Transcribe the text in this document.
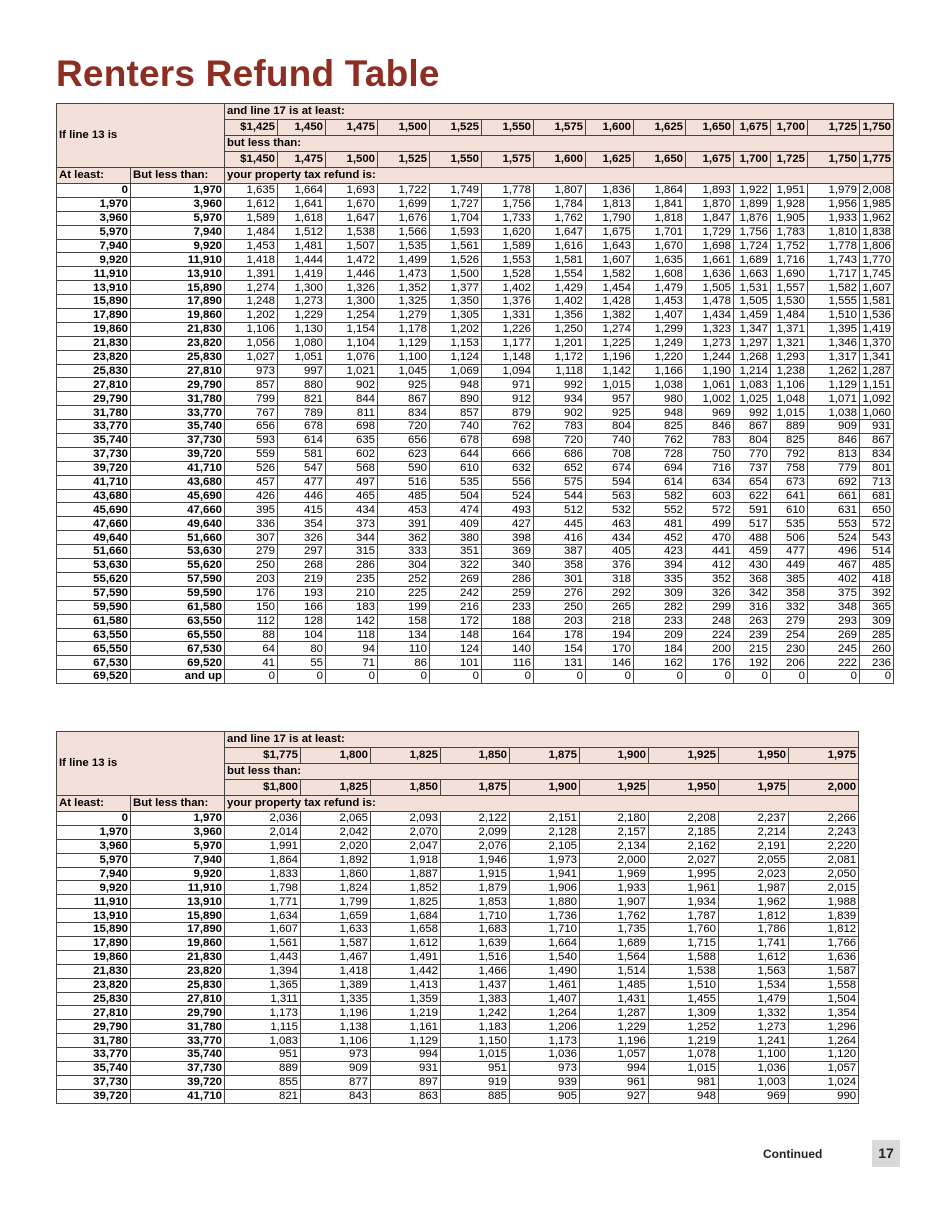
Renters Refund Table
If line 13 is		and line 17 is at least:													
		$1,425	1,450	1,475	1,500	1,525	1,550	1,575	1,600	1,625	1,650	1,675	1,700	1,725	1,750
		but less than:													
		$1,450	1,475	1,500	1,525	1,550	1,575	1,600	1,625	1,650	1,675	1,700	1,725	1,750	1,775
At least:	But less than:	your property tax refund is:													
0	1,970	1,635	1,664	1,693	1,722	1,749	1,778	1,807	1,836	1,864	1,893	1,922	1,951	1,979	2,008
1,970	3,960	1,612	1,641	1,670	1,699	1,727	1,756	1,784	1,813	1,841	1,870	1,899	1,928	1,956	1,985
3,960	5,970	1,589	1,618	1,647	1,676	1,704	1,733	1,762	1,790	1,818	1,847	1,876	1,905	1,933	1,962
5,970	7,940	1,484	1,512	1,538	1,566	1,593	1,620	1,647	1,675	1,701	1,729	1,756	1,783	1,810	1,838
7,940	9,920	1,453	1,481	1,507	1,535	1,561	1,589	1,616	1,643	1,670	1,698	1,724	1,752	1,778	1,806
9,920	11,910	1,418	1,444	1,472	1,499	1,526	1,553	1,581	1,607	1,635	1,661	1,689	1,716	1,743	1,770
11,910	13,910	1,391	1,419	1,446	1,473	1,500	1,528	1,554	1,582	1,608	1,636	1,663	1,690	1,717	1,745
13,910	15,890	1,274	1,300	1,326	1,352	1,377	1,402	1,429	1,454	1,479	1,505	1,531	1,557	1,582	1,607
15,890	17,890	1,248	1,273	1,300	1,325	1,350	1,376	1,402	1,428	1,453	1,478	1,505	1,530	1,555	1,581
17,890	19,860	1,202	1,229	1,254	1,279	1,305	1,331	1,356	1,382	1,407	1,434	1,459	1,484	1,510	1,536
19,860	21,830	1,106	1,130	1,154	1,178	1,202	1,226	1,250	1,274	1,299	1,323	1,347	1,371	1,395	1,419
21,830	23,820	1,056	1,080	1,104	1,129	1,153	1,177	1,201	1,225	1,249	1,273	1,297	1,321	1,346	1,370
23,820	25,830	1,027	1,051	1,076	1,100	1,124	1,148	1,172	1,196	1,220	1,244	1,268	1,293	1,317	1,341
25,830	27,810	973	997	1,021	1,045	1,069	1,094	1,118	1,142	1,166	1,190	1,214	1,238	1,262	1,287
27,810	29,790	857	880	902	925	948	971	992	1,015	1,038	1,061	1,083	1,106	1,129	1,151
29,790	31,780	799	821	844	867	890	912	934	957	980	1,002	1,025	1,048	1,071	1,092
31,780	33,770	767	789	811	834	857	879	902	925	948	969	992	1,015	1,038	1,060
33,770	35,740	656	678	698	720	740	762	783	804	825	846	867	889	909	931
35,740	37,730	593	614	635	656	678	698	720	740	762	783	804	825	846	867
37,730	39,720	559	581	602	623	644	666	686	708	728	750	770	792	813	834
39,720	41,710	526	547	568	590	610	632	652	674	694	716	737	758	779	801
41,710	43,680	457	477	497	516	535	556	575	594	614	634	654	673	692	713
43,680	45,690	426	446	465	485	504	524	544	563	582	603	622	641	661	681
45,690	47,660	395	415	434	453	474	493	512	532	552	572	591	610	631	650
47,660	49,640	336	354	373	391	409	427	445	463	481	499	517	535	553	572
49,640	51,660	307	326	344	362	380	398	416	434	452	470	488	506	524	543
51,660	53,630	279	297	315	333	351	369	387	405	423	441	459	477	496	514
53,630	55,620	250	268	286	304	322	340	358	376	394	412	430	449	467	485
55,620	57,590	203	219	235	252	269	286	301	318	335	352	368	385	402	418
57,590	59,590	176	193	210	225	242	259	276	292	309	326	342	358	375	392
59,590	61,580	150	166	183	199	216	233	250	265	282	299	316	332	348	365
61,580	63,550	112	128	142	158	172	188	203	218	233	248	263	279	293	309
63,550	65,550	88	104	118	134	148	164	178	194	209	224	239	254	269	285
65,550	67,530	64	80	94	110	124	140	154	170	184	200	215	230	245	260
67,530	69,520	41	55	71	86	101	116	131	146	162	176	192	206	222	236
69,520	and up	0	0	0	0	0	0	0	0	0	0	0	0	0	0
If line 13 is		and line 17 is at least:								
		$1,775	1,800	1,825	1,850	1,875	1,900	1,925	1,950	1,975
		but less than:								
		$1,800	1,825	1,850	1,875	1,900	1,925	1,950	1,975	2,000
At least:	But less than:	your property tax refund is:								
0	1,970	2,036	2,065	2,093	2,122	2,151	2,180	2,208	2,237	2,266
1,970	3,960	2,014	2,042	2,070	2,099	2,128	2,157	2,185	2,214	2,243
3,960	5,970	1,991	2,020	2,047	2,076	2,105	2,134	2,162	2,191	2,220
5,970	7,940	1,864	1,892	1,918	1,946	1,973	2,000	2,027	2,055	2,081
7,940	9,920	1,833	1,860	1,887	1,915	1,941	1,969	1,995	2,023	2,050
9,920	11,910	1,798	1,824	1,852	1,879	1,906	1,933	1,961	1,987	2,015
11,910	13,910	1,771	1,799	1,825	1,853	1,880	1,907	1,934	1,962	1,988
13,910	15,890	1,634	1,659	1,684	1,710	1,736	1,762	1,787	1,812	1,839
15,890	17,890	1,607	1,633	1,658	1,683	1,710	1,735	1,760	1,786	1,812
17,890	19,860	1,561	1,587	1,612	1,639	1,664	1,689	1,715	1,741	1,766
19,860	21,830	1,443	1,467	1,491	1,516	1,540	1,564	1,588	1,612	1,636
21,830	23,820	1,394	1,418	1,442	1,466	1,490	1,514	1,538	1,563	1,587
23,820	25,830	1,365	1,389	1,413	1,437	1,461	1,485	1,510	1,534	1,558
25,830	27,810	1,311	1,335	1,359	1,383	1,407	1,431	1,455	1,479	1,504
27,810	29,790	1,173	1,196	1,219	1,242	1,264	1,287	1,309	1,332	1,354
29,790	31,780	1,115	1,138	1,161	1,183	1,206	1,229	1,252	1,273	1,296
31,780	33,770	1,083	1,106	1,129	1,150	1,173	1,196	1,219	1,241	1,264
33,770	35,740	951	973	994	1,015	1,036	1,057	1,078	1,100	1,120
35,740	37,730	889	909	931	951	973	994	1,015	1,036	1,057
37,730	39,720	855	877	897	919	939	961	981	1,003	1,024
39,720	41,710	821	843	863	885	905	927	948	969	990
Continued	17
